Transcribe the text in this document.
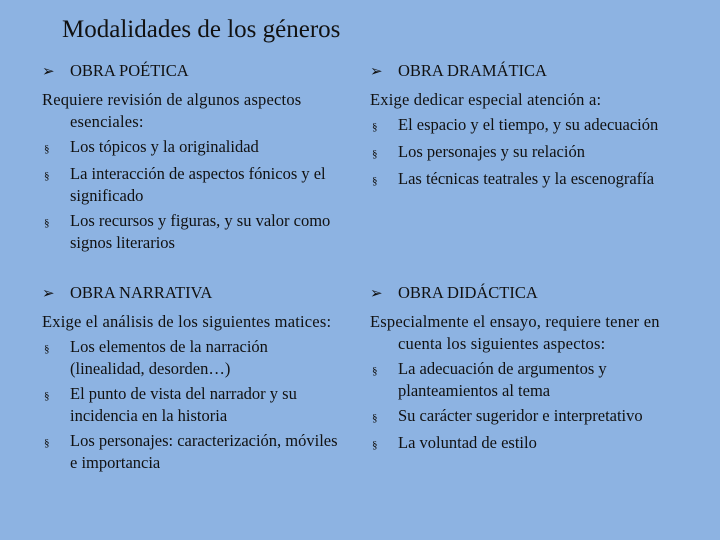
Modalidades de los géneros
➢ OBRA POÉTICA
Requiere revisión de algunos aspectos esenciales:
§	Los tópicos y la originalidad
§	La interacción de aspectos fónicos y el significado
§	Los recursos y figuras, y su valor como signos literarios
➢ OBRA DRAMÁTICA
Exige dedicar especial atención a:
§	El espacio y el tiempo, y su adecuación
§	Los personajes y su relación
§	Las técnicas teatrales y la escenografía
➢ OBRA NARRATIVA
Exige el análisis de los siguientes matices:
§	Los elementos de la narración (linealidad, desorden…)
§	El punto de vista del narrador y su incidencia en la historia
§	Los personajes: caracterización, móviles e importancia
➢ OBRA DIDÁCTICA
Especialmente el ensayo, requiere tener en cuenta los siguientes aspectos:
§	La adecuación de argumentos y planteamientos al tema
§	Su carácter sugeridor e interpretativo
§	La voluntad de estilo
